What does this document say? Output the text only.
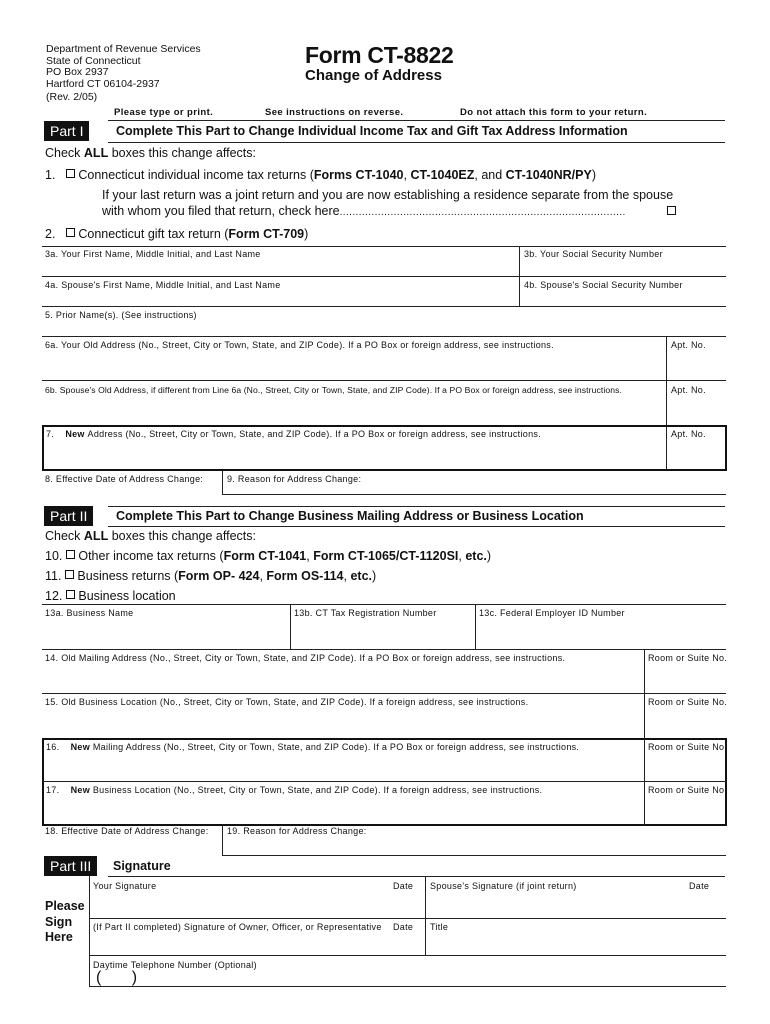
Department of Revenue Services
State of Connecticut
PO Box 2937
Hartford CT 06104-2937
(Rev. 2/05)
Form CT-8822
Change of Address
Please type or print.	See instructions on reverse.	Do not attach this form to your return.
Part I	Complete This Part to Change Individual Income Tax and Gift Tax Address Information
Check ALL boxes this change affects:
1. Connecticut individual income tax returns (Forms CT-1040, CT-1040EZ, and CT-1040NR/PY)
If your last return was a joint return and you are now establishing a residence separate from the spouse
with whom you filed that return, check here..........................................................................................
2. Connecticut gift tax return (Form CT-709)
3a. Your First Name, Middle Initial, and Last Name	3b. Your Social Security Number
4a. Spouse's First Name, Middle Initial, and Last Name	4b. Spouse's Social Security Number
5. Prior Name(s). (See instructions)
6a. Your Old Address (No., Street, City or Town, State, and ZIP Code). If a PO Box or foreign address, see instructions.	Apt. No.
6b. Spouse's Old Address, if different from Line 6a (No., Street, City or Town, State, and ZIP Code). If a PO Box or foreign address, see instructions.	Apt. No.
7. New Address (No., Street, City or Town, State, and ZIP Code). If a PO Box or foreign address, see instructions.	Apt. No.
8. Effective Date of Address Change:	9. Reason for Address Change:
Part II	Complete This Part to Change Business Mailing Address or Business Location
Check ALL boxes this change affects:
10. Other income tax returns (Form CT-1041, Form CT-1065/CT-1120SI, etc.)
11. Business returns (Form OP- 424, Form OS-114, etc.)
12. Business location
13a. Business Name	13b. CT Tax Registration Number	13c. Federal Employer ID Number
14. Old Mailing Address (No., Street, City or Town, State, and ZIP Code). If a PO Box or foreign address, see instructions.	Room or Suite No.
15. Old Business Location (No., Street, City or Town, State, and ZIP Code). If a foreign address, see instructions.	Room or Suite No.
16. New Mailing Address (No., Street, City or Town, State, and ZIP Code). If a PO Box or foreign address, see instructions.	Room or Suite No.
17. New Business Location (No., Street, City or Town, State, and ZIP Code). If a foreign address, see instructions.	Room or Suite No.
18. Effective Date of Address Change: 19. Reason for Address Change:
Part III	Signature
Your Signature	Date Spouse's Signature (if joint return)	Date
Please
Sign
Here
(If Part II completed) Signature of Owner, Officer, or Representative Date Title
Daytime Telephone Number (Optional)
( )
